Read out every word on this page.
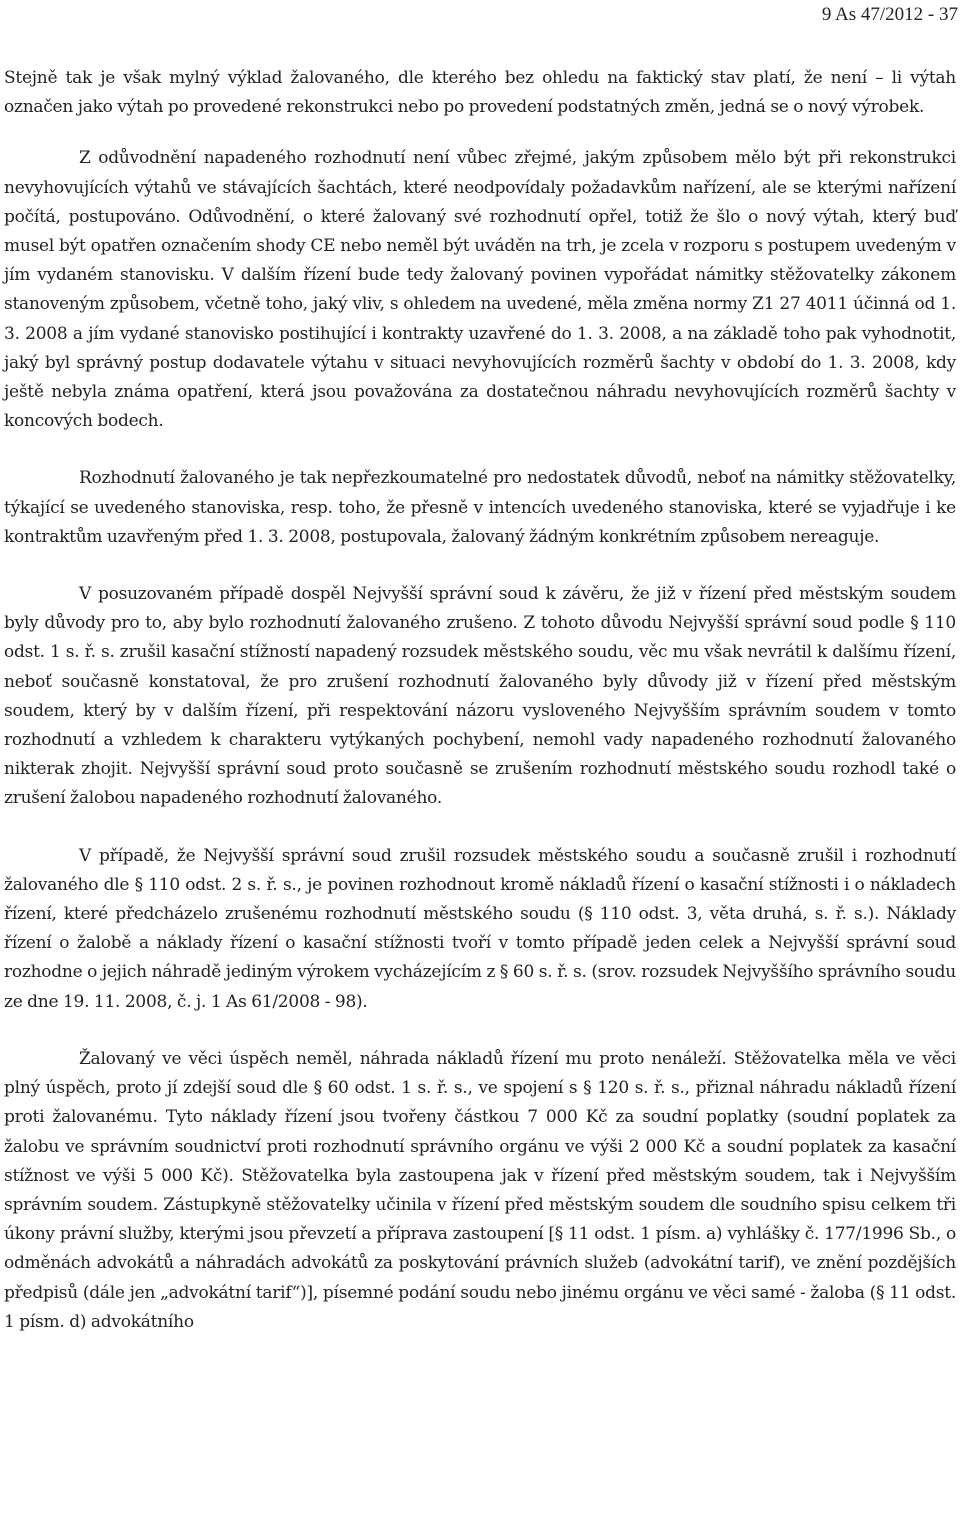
9 As 47/2012 - 37

Stejně tak je však mylný výklad žalovaného, dle kterého bez ohledu na faktický stav platí, že není – li výtah označen jako výtah po provedené rekonstrukci nebo po provedení podstatných změn, jedná se o nový výrobek.

Z odůvodnění napadeného rozhodnutí není vůbec zřejmé, jakým způsobem mělo být při rekonstrukci nevyhovujících výtahů ve stávajících šachtách, které neodpovídaly požadavkům nařízení, ale se kterými nařízení počítá, postupováno. Odůvodnění, o které žalovaný své rozhodnutí opřel, totiž že šlo o nový výtah, který buď musel být opatřen označením shody CE nebo neměl být uváděn na trh, je zcela v rozporu s postupem uvedeným v jím vydaném stanovisku. V dalším řízení bude tedy žalovaný povinen vypořádat námitky stěžovatelky zákonem stanoveným způsobem, včetně toho, jaký vliv, s ohledem na uvedené, měla změna normy Z1 27 4011 účinná od 1. 3. 2008 a jím vydané stanovisko postihující i kontrakty uzavřené do 1. 3. 2008, a na základě toho pak vyhodnotit, jaký byl správný postup dodavatele výtahu v situaci nevyhovujících rozměrů šachty v období do 1. 3. 2008, kdy ještě nebyla známa opatření, která jsou považována za dostatečnou náhradu nevyhovujících rozměrů šachty v koncových bodech.

Rozhodnutí žalovaného je tak nepřezkoumatelné pro nedostatek důvodů, neboť na námitky stěžovatelky, týkající se uvedeného stanoviska, resp. toho, že přesně v intencích uvedeného stanoviska, které se vyjadřuje i ke kontraktům uzavřeným před 1. 3. 2008, postupovala, žalovaný žádným konkrétním způsobem nereaguje.

V posuzovaném případě dospěl Nejvyšší správní soud k závěru, že již v řízení před městským soudem byly důvody pro to, aby bylo rozhodnutí žalovaného zrušeno. Z tohoto důvodu Nejvyšší správní soud podle § 110 odst. 1 s. ř. s. zrušil kasační stížností napadený rozsudek městského soudu, věc mu však nevrátil k dalšímu řízení, neboť současně konstatoval, že pro zrušení rozhodnutí žalovaného byly důvody již v řízení před městským soudem, který by v dalším řízení, při respektování názoru vysloveného Nejvyšším správním soudem v tomto rozhodnutí a vzhledem k charakteru vytýkaných pochybení, nemohl vady napadeného rozhodnutí žalovaného nikterak zhojit. Nejvyšší správní soud proto současně se zrušením rozhodnutí městského soudu rozhodl také o zrušení žalobou napadeného rozhodnutí žalovaného.

V případě, že Nejvyšší správní soud zrušil rozsudek městského soudu a současně zrušil i rozhodnutí žalovaného dle § 110 odst. 2 s. ř. s., je povinen rozhodnout kromě nákladů řízení o kasační stížnosti i o nákladech řízení, které předcházelo zrušenému rozhodnutí městského soudu (§ 110 odst. 3, věta druhá, s. ř. s.). Náklady řízení o žalobě a náklady řízení o kasační stížnosti tvoří v tomto případě jeden celek a Nejvyšší správní soud rozhodne o jejich náhradě jediným výrokem vycházejícím z § 60 s. ř. s. (srov. rozsudek Nejvyššího správního soudu ze dne 19. 11. 2008, č. j. 1 As 61/2008 - 98).

Žalovaný ve věci úspěch neměl, náhrada nákladů řízení mu proto nenáleží. Stěžovatelka měla ve věci plný úspěch, proto jí zdejší soud dle § 60 odst. 1 s. ř. s., ve spojení s § 120 s. ř. s., přiznal náhradu nákladů řízení proti žalovanému. Tyto náklady řízení jsou tvořeny částkou 7 000 Kč za soudní poplatky (soudní poplatek za žalobu ve správním soudnictví proti rozhodnutí správního orgánu ve výši 2 000 Kč a soudní poplatek za kasační stížnost ve výši 5 000 Kč). Stěžovatelka byla zastoupena jak v řízení před městským soudem, tak i Nejvyšším správním soudem. Zástupkyně stěžovatelky učinila v řízení před městským soudem dle soudního spisu celkem tři úkony právní služby, kterými jsou převzetí a příprava zastoupení [§ 11 odst. 1 písm. a) vyhlášky č. 177/1996 Sb., o odměnách advokátů a náhradách advokátů za poskytování právních služeb (advokátní tarif), ve znění pozdějších předpisů (dále jen „advokátní tarif“)], písemné podání soudu nebo jinému orgánu ve věci samé - žaloba (§ 11 odst. 1 písm. d) advokátního
